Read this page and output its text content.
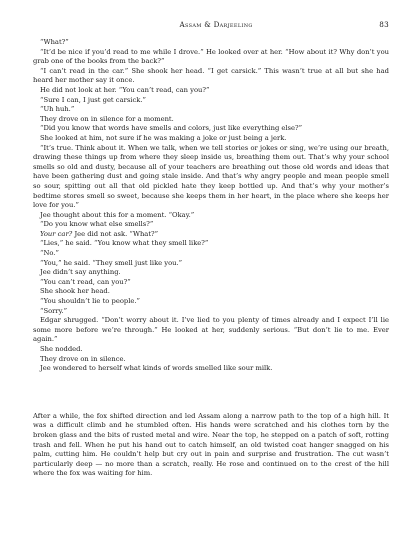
Assam & Darjeeling	83

“What?”

“It’d be nice if you’d read to me while I drove.” He looked over at her. “How about it? Why don’t you grab one of the books from the back?”

“I can’t read in the car.” She shook her head. “I get carsick.” This wasn’t true at all but she had heard her mother say it once.

He did not look at her. “You can’t read, can you?”

“Sure I can, I just get carsick.”

“Uh huh.”

They drove on in silence for a moment.

“Did you know that words have smells and colors, just like everything else?”

She looked at him, not sure if he was making a joke or just being a jerk.

“It’s true. Think about it. When we talk, when we tell stories or jokes or sing, we’re using our breath, drawing these things up from where they sleep inside us, breathing them out. That’s why your school smells so old and dusty, because all of your teachers are breathing out those old words and ideas that have been gathering dust and going stale inside. And that’s why angry people and mean people smell so sour, spitting out all that old pickled hate they keep bottled up. And that’s why your mother’s bedtime stores smell so sweet, because she keeps them in her heart, in the place where she keeps her love for you.”

Jee thought about this for a moment. “Okay.”

“Do you know what else smells?”

Your car? Jee did not ask. “What?”

“Lies,” he said. “You know what they smell like?”

“No.”

“You,” he said. “They smell just like you.”

Jee didn’t say anything.

“You can’t read, can you?”

She shook her head.

“You shouldn’t lie to people.”

“Sorry.”

Edgar shrugged. “Don’t worry about it. I’ve lied to you plenty of times already and I expect I’ll lie some more before we’re through.” He looked at her, suddenly serious. “But don’t lie to me. Ever again.”

She nodded.

They drove on in silence.

Jee wondered to herself what kinds of words smelled like sour milk.

After a while, the fox shifted direction and led Assam along a narrow path to the top of a high hill. It was a difficult climb and he stumbled often. His hands were scratched and his clothes torn by the broken glass and the bits of rusted metal and wire. Near the top, he stepped on a patch of soft, rotting trash and fell. When he put his hand out to catch himself, an old twisted coat hanger snagged on his palm, cutting him. He couldn’t help but cry out in pain and surprise and frustration. The cut wasn’t particularly deep — no more than a scratch, really. He rose and continued on to the crest of the hill where the fox was waiting for him.
